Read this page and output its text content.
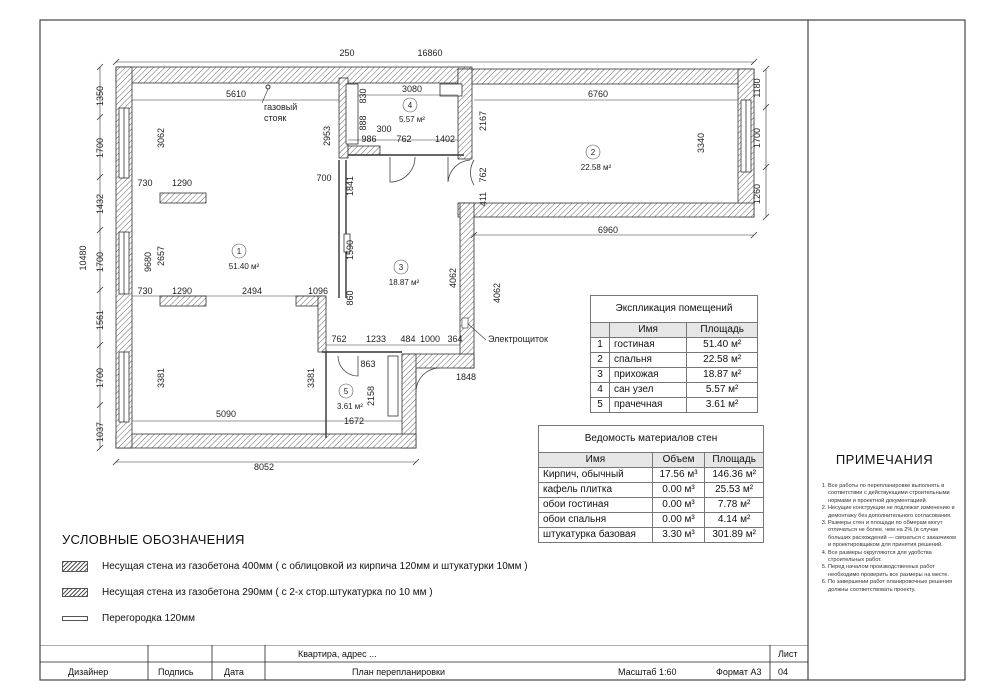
250	16860
5610	3080	6760
830
888 300
986 762	1402
2167
3062	2953	3340
700
730 1290	1841
762
411
6960
9680 2657	1590
4062
4062
730 1290	2494	1096 860
762 1233 484 1000 364
863
3381	3381
2158
1848
5090
1672
8052
1350
1700
1432
10480 1700
1561
1700
1037
1180
1700
1260
газовый
стояк
Электрощиток
1
51.40 м²
2
22.58 м²
3
18.87 м²
4
5.57 м²
5
3.61 м²
Экспликация помещений		
	Имя	Площадь
1	гостиная	51.40 м²
2	спальня	22.58 м²
3	прихожая	18.87 м²
4	сан узел	5.57 м²
5	прачечная	3.61 м²
Ведомость материалов стен		
Имя	Объем	Площадь
Кирпич, обычный	17.56 м³	146.36 м²
кафель плитка	0.00 м³	25.53 м²
обои гостиная	0.00 м³	7.78 м²
обои спальня	0.00 м³	4.14 м²
штукатурка базовая	3.30 м³	301.89 м²
УСЛОВНЫЕ ОБОЗНАЧЕНИЯ
Несущая стена из газобетона 400мм ( с облицовкой из кирпича 120мм и штукатурки 10мм )
Несущая стена из газобетона 290мм ( с 2-х стор.штукатурка по 10 мм )
Перегородка 120мм
ПРИМЕЧАНИЯ
1. Все работы по перепланировке выполнять в соответствии с действующими строительными нормами и проектной документацией.
2. Несущие конструкции не подлежат изменению и демонтажу без дополнительного согласования.
3. Размеры стен и площади по обмерам могут отличаться не более, чем на 2% (в случае больших расхождений — связаться с заказчиком и проектировщиком для принятия решений.
4. Все размеры округляются для удобства строительных работ.
5. Перед началом производственных работ необходимо проверить все размеры на месте.
6. По завершении работ планировочные решения должны соответствовать проекту.
Квартира, адрес ...	Лист
Дизайнер	Подпись	Дата	План перепланировки	Масштаб 1:60	Формат А3 04
